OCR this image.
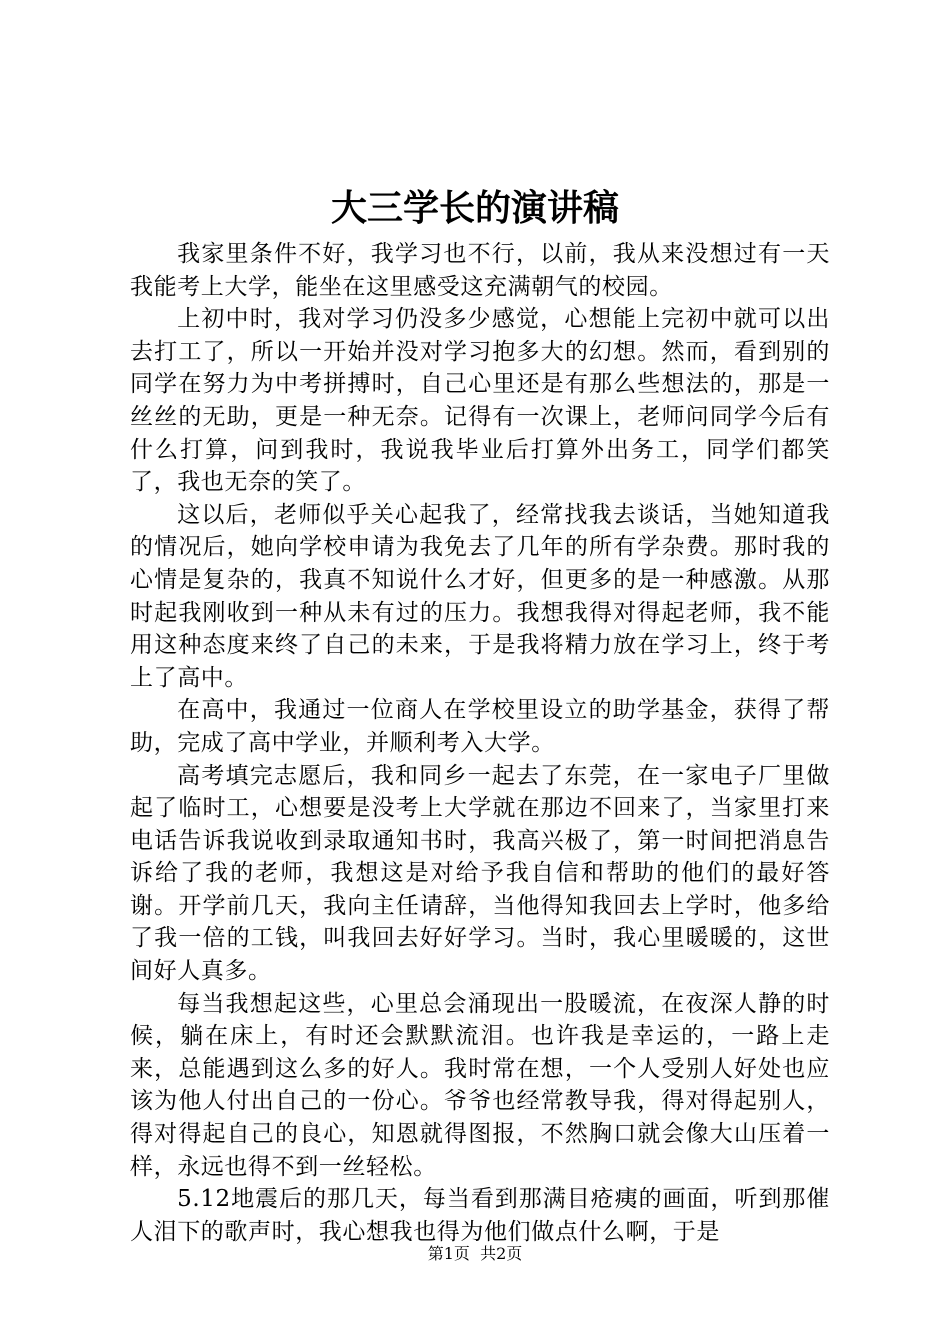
大三学长的演讲稿

我家里条件不好，我学习也不行，以前，我从来没想过有一天我能考上大学，能坐在这里感受这充满朝气的校园。

上初中时，我对学习仍没多少感觉，心想能上完初中就可以出去打工了，所以一开始并没对学习抱多大的幻想。然而，看到别的同学在努力为中考拼搏时，自己心里还是有那么些想法的，那是一丝丝的无助，更是一种无奈。记得有一次课上，老师问同学今后有什么打算，问到我时，我说我毕业后打算外出务工，同学们都笑了，我也无奈的笑了。

这以后，老师似乎关心起我了，经常找我去谈话，当她知道我的情况后，她向学校申请为我免去了几年的所有学杂费。那时我的心情是复杂的，我真不知说什么才好，但更多的是一种感激。从那时起我刚收到一种从未有过的压力。我想我得对得起老师，我不能用这种态度来终了自己的未来，于是我将精力放在学习上，终于考上了高中。

在高中，我通过一位商人在学校里设立的助学基金，获得了帮助，完成了高中学业，并顺利考入大学。

高考填完志愿后，我和同乡一起去了东莞，在一家电子厂里做起了临时工，心想要是没考上大学就在那边不回来了，当家里打来电话告诉我说收到录取通知书时，我高兴极了，第一时间把消息告诉给了我的老师，我想这是对给予我自信和帮助的他们的最好答谢。开学前几天，我向主任请辞，当他得知我回去上学时，他多给了我一倍的工钱，叫我回去好好学习。当时，我心里暖暖的，这世间好人真多。

每当我想起这些，心里总会涌现出一股暖流，在夜深人静的时候，躺在床上，有时还会默默流泪。也许我是幸运的，一路上走来，总能遇到这么多的好人。我时常在想，一个人受别人好处也应该为他人付出自己的一份心。爷爷也经常教导我，得对得起别人，得对得起自己的良心，知恩就得图报，不然胸口就会像大山压着一样，永远也得不到一丝轻松。

5.12地震后的那几天，每当看到那满目疮痍的画面，听到那催人泪下的歌声时，我心想我也得为他们做点什么啊，于是

第1页  共2页
